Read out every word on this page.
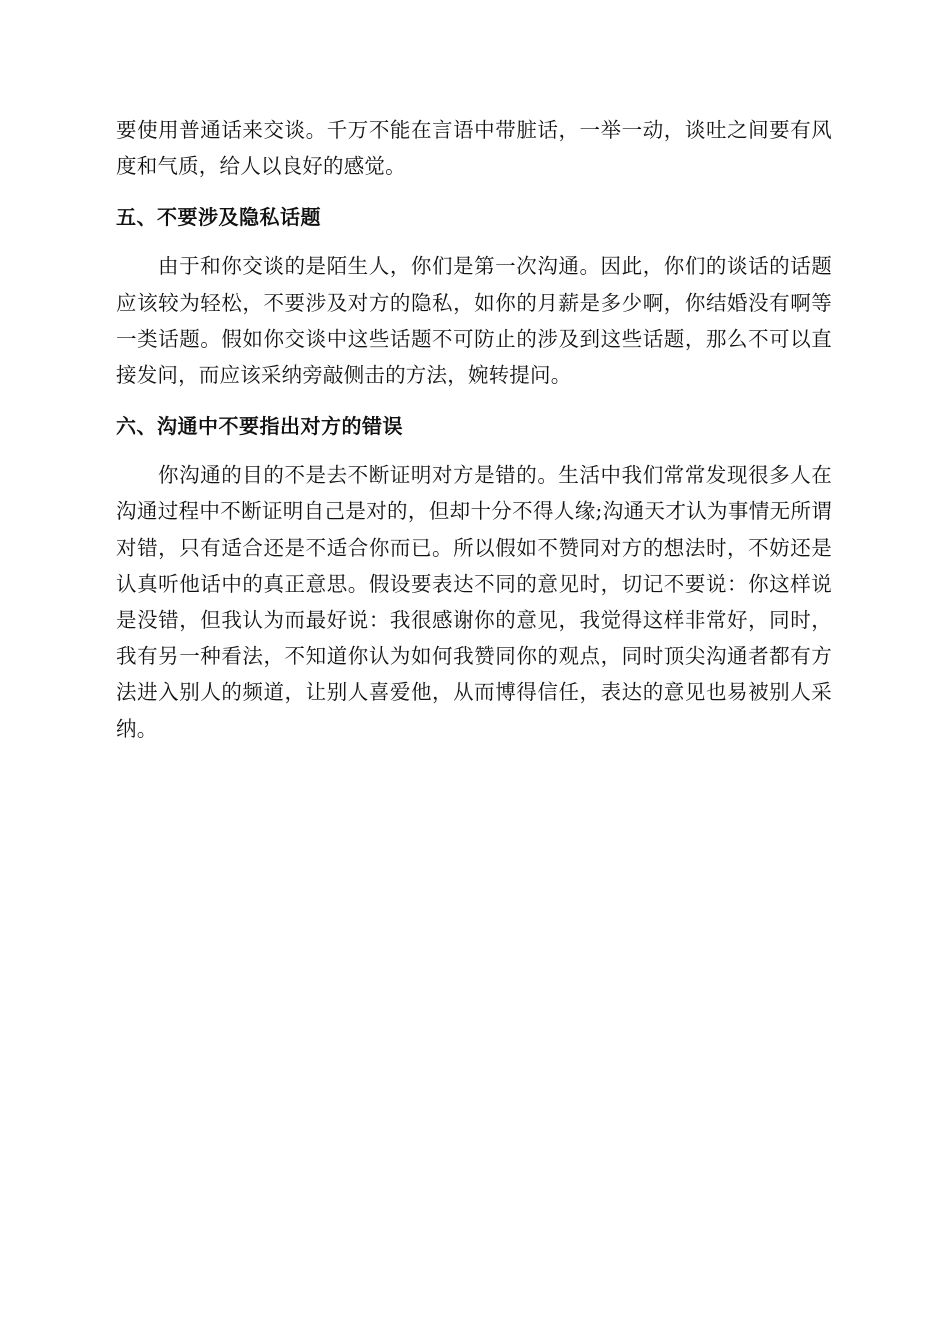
要使用普通话来交谈。千万不能在言语中带脏话，一举一动，谈吐之间要有风度和气质，给人以良好的感觉。

五、不要涉及隐私话题

由于和你交谈的是陌生人，你们是第一次沟通。因此，你们的谈话的话题应该较为轻松，不要涉及对方的隐私，如你的月薪是多少啊，你结婚没有啊等一类话题。假如你交谈中这些话题不可防止的涉及到这些话题，那么不可以直接发问，而应该采纳旁敲侧击的方法，婉转提问。

六、沟通中不要指出对方的错误

你沟通的目的不是去不断证明对方是错的。生活中我们常常发现很多人在沟通过程中不断证明自己是对的，但却十分不得人缘;沟通天才认为事情无所谓对错，只有适合还是不适合你而已。所以假如不赞同对方的想法时，不妨还是认真听他话中的真正意思。假设要表达不同的意见时，切记不要说：你这样说是没错，但我认为而最好说：我很感谢你的意见，我觉得这样非常好，同时，我有另一种看法，不知道你认为如何我赞同你的观点，同时顶尖沟通者都有方法进入别人的频道，让别人喜爱他，从而博得信任，表达的意见也易被别人采纳。
